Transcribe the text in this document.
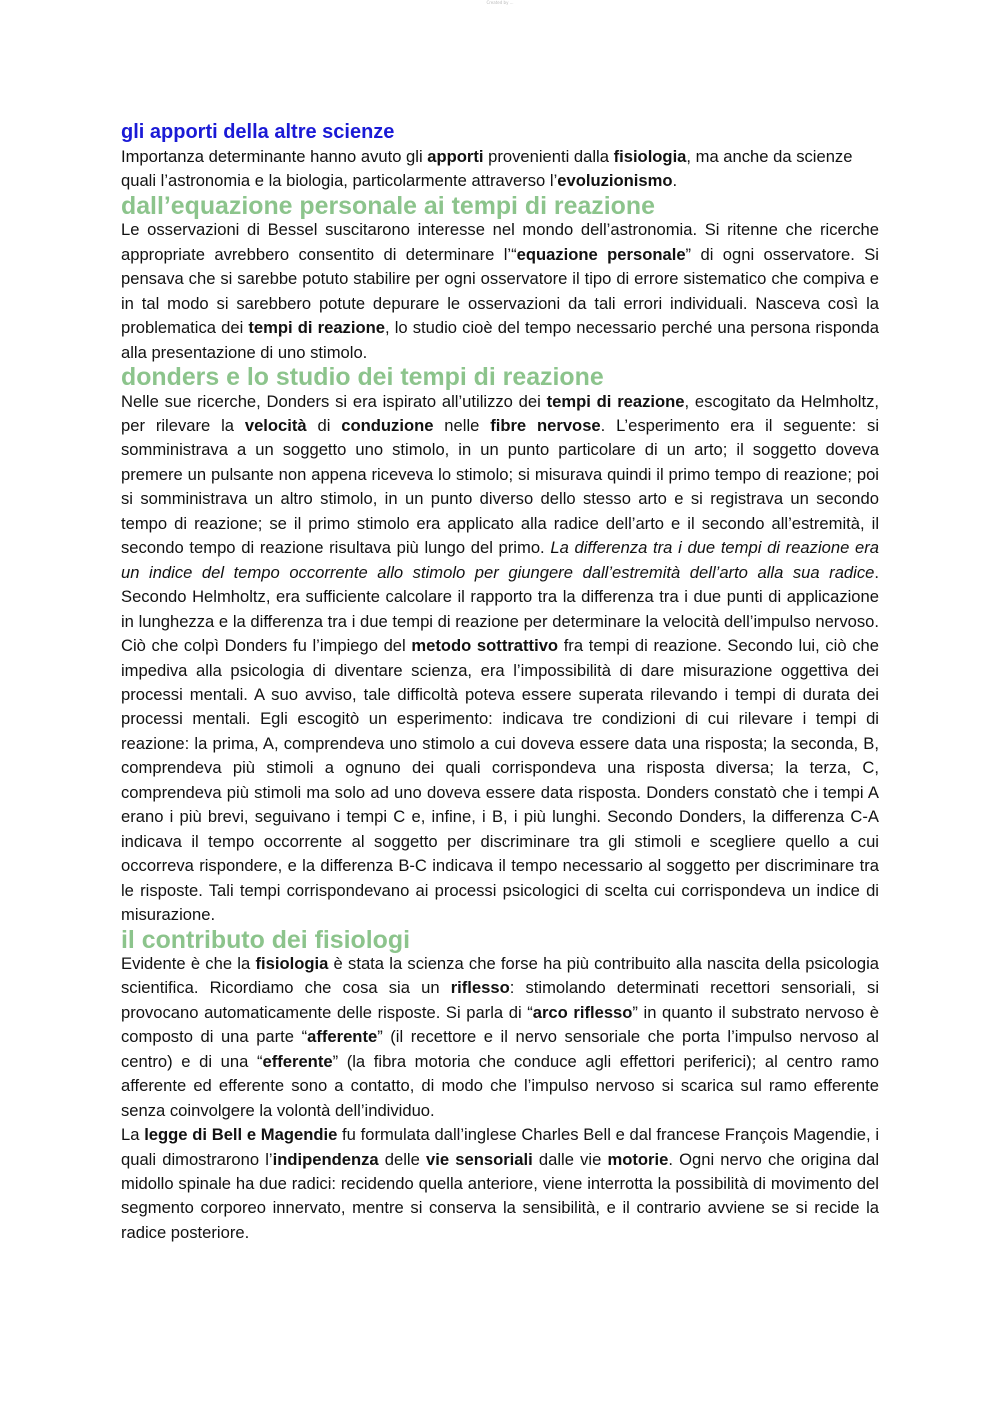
Created by ...
gli apporti della altre scienze

Importanza determinante hanno avuto gli apporti provenienti dalla fisiologia, ma anche da scienze quali l’astronomia e la biologia, particolarmente attraverso l’evoluzionismo.

dall’equazione personale ai tempi di reazione

Le osservazioni di Bessel suscitarono interesse nel mondo dell’astronomia. Si ritenne che ricerche appropriate avrebbero consentito di determinare l’“equazione personale” di ogni osservatore. Si pensava che si sarebbe potuto stabilire per ogni osservatore il tipo di errore sistematico che compiva e in tal modo si sarebbero potute depurare le osservazioni da tali errori individuali. Nasceva così la problematica dei tempi di reazione, lo studio cioè del tempo necessario perché una persona risponda alla presentazione di uno stimolo.

donders e lo studio dei tempi di reazione

Nelle sue ricerche, Donders si era ispirato all’utilizzo dei tempi di reazione, escogitato da Helmholtz, per rilevare la velocità di conduzione nelle fibre nervose. L’esperimento era il seguente: si somministrava a un soggetto uno stimolo, in un punto particolare di un arto; il soggetto doveva premere un pulsante non appena riceveva lo stimolo; si misurava quindi il primo tempo di reazione; poi si somministrava un altro stimolo, in un punto diverso dello stesso arto e si registrava un secondo tempo di reazione; se il primo stimolo era applicato alla radice dell’arto e il secondo all’estremità, il secondo tempo di reazione risultava più lungo del primo. La differenza tra i due tempi di reazione era un indice del tempo occorrente allo stimolo per giungere dall’estremità dell’arto alla sua radice. Secondo Helmholtz, era sufficiente calcolare il rapporto tra la differenza tra i due punti di applicazione in lunghezza e la differenza tra i due tempi di reazione per determinare la velocità dell’impulso nervoso. Ciò che colpì Donders fu l’impiego del metodo sottrattivo fra tempi di reazione. Secondo lui, ciò che impediva alla psicologia di diventare scienza, era l’impossibilità di dare misurazione oggettiva dei processi mentali. A suo avviso, tale difficoltà poteva essere superata rilevando i tempi di durata dei processi mentali. Egli escogitò un esperimento: indicava tre condizioni di cui rilevare i tempi di reazione: la prima, A, comprendeva uno stimolo a cui doveva essere data una risposta; la seconda, B, comprendeva più stimoli a ognuno dei quali corrispondeva una risposta diversa; la terza, C, comprendeva più stimoli ma solo ad uno doveva essere data risposta. Donders constatò che i tempi A erano i più brevi, seguivano i tempi C e, infine, i B, i più lunghi. Secondo Donders, la differenza C-A indicava il tempo occorrente al soggetto per discriminare tra gli stimoli e scegliere quello a cui occorreva rispondere, e la differenza B-C indicava il tempo necessario al soggetto per discriminare tra le risposte. Tali tempi corrispondevano ai processi psicologici di scelta cui corrispondeva un indice di misurazione.

il contributo dei fisiologi

Evidente è che la fisiologia è stata la scienza che forse ha più contribuito alla nascita della psicologia scientifica. Ricordiamo che cosa sia un riflesso: stimolando determinati recettori sensoriali, si provocano automaticamente delle risposte. Si parla di “arco riflesso” in quanto il substrato nervoso è composto di una parte “afferente” (il recettore e il nervo sensoriale che porta l’impulso nervoso al centro) e di una “efferente” (la fibra motoria che conduce agli effettori periferici); al centro ramo afferente ed efferente sono a contatto, di modo che l’impulso nervoso si scarica sul ramo efferente senza coinvolgere la volontà dell’individuo.

La legge di Bell e Magendie fu formulata dall’inglese Charles Bell e dal francese François Magendie, i quali dimostrarono l’indipendenza delle vie sensoriali dalle vie motorie. Ogni nervo che origina dal midollo spinale ha due radici: recidendo quella anteriore, viene interrotta la possibilità di movimento del segmento corporeo innervato, mentre si conserva la sensibilità, e il contrario avviene se si recide la radice posteriore.
